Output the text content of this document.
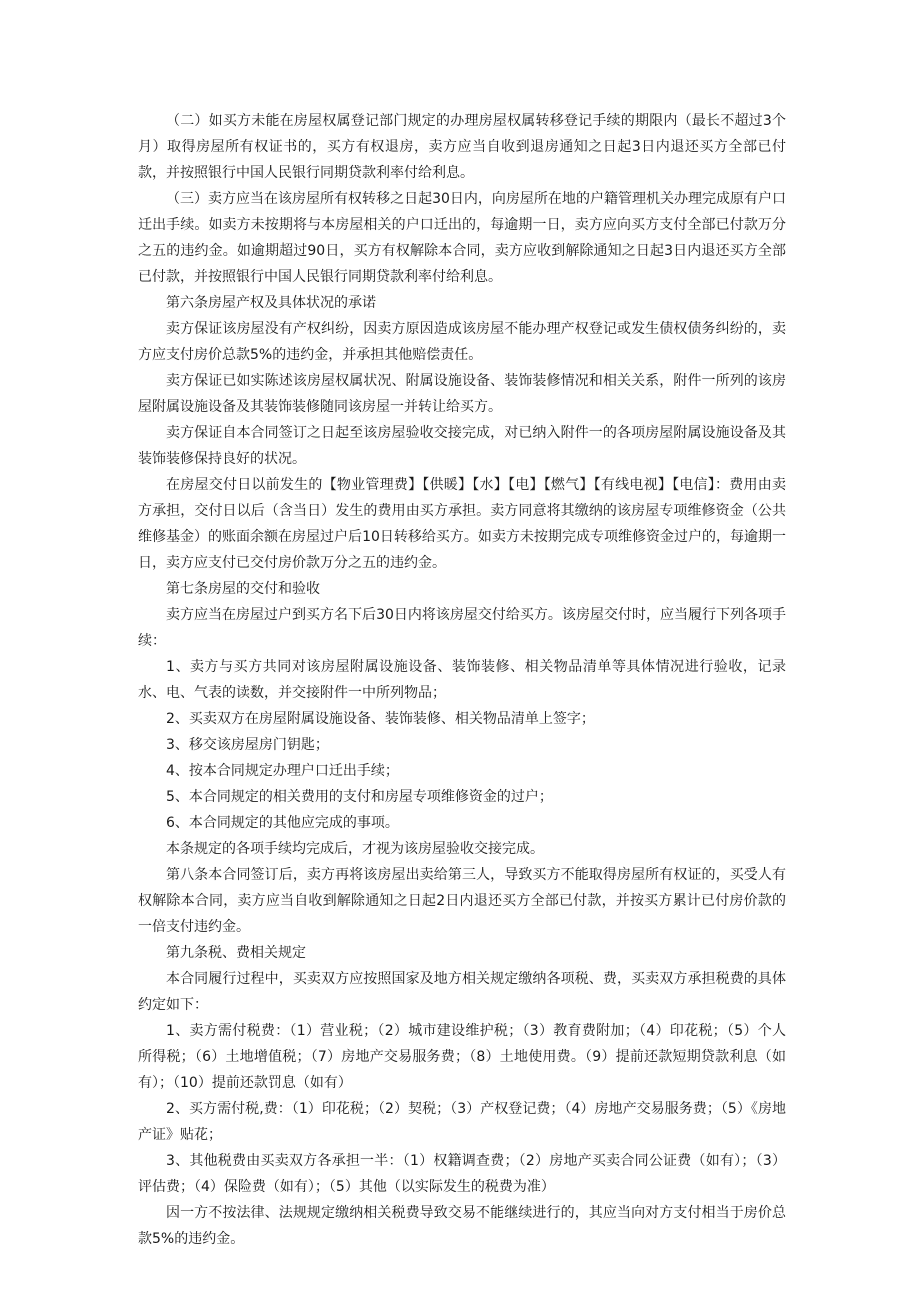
（二）如买方未能在房屋权属登记部门规定的办理房屋权属转移登记手续的期限内（最长不超过3个月）取得房屋所有权证书的，买方有权退房，卖方应当自收到退房通知之日起3日内退还买方全部已付款，并按照银行中国人民银行同期贷款利率付给利息。

（三）卖方应当在该房屋所有权转移之日起30日内，向房屋所在地的户籍管理机关办理完成原有户口迁出手续。如卖方未按期将与本房屋相关的户口迁出的，每逾期一日，卖方应向买方支付全部已付款万分之五的违约金。如逾期超过90日，买方有权解除本合同，卖方应收到解除通知之日起3日内退还买方全部已付款，并按照银行中国人民银行同期贷款利率付给利息。

第六条房屋产权及具体状况的承诺

卖方保证该房屋没有产权纠纷，因卖方原因造成该房屋不能办理产权登记或发生债权债务纠纷的，卖方应支付房价总款5%的违约金，并承担其他赔偿责任。

卖方保证已如实陈述该房屋权属状况、附属设施设备、装饰装修情况和相关关系，附件一所列的该房屋附属设施设备及其装饰装修随同该房屋一并转让给买方。

卖方保证自本合同签订之日起至该房屋验收交接完成，对已纳入附件一的各项房屋附属设施设备及其装饰装修保持良好的状况。

在房屋交付日以前发生的【物业管理费】【供暖】【水】【电】【燃气】【有线电视】【电信】：费用由卖方承担，交付日以后（含当日）发生的费用由买方承担。卖方同意将其缴纳的该房屋专项维修资金（公共维修基金）的账面余额在房屋过户后10日转移给买方。如卖方未按期完成专项维修资金过户的，每逾期一日，卖方应支付已交付房价款万分之五的违约金。

第七条房屋的交付和验收

卖方应当在房屋过户到买方名下后30日内将该房屋交付给买方。该房屋交付时，应当履行下列各项手续：

1、卖方与买方共同对该房屋附属设施设备、装饰装修、相关物品清单等具体情况进行验收，记录水、电、气表的读数，并交接附件一中所列物品；

2、买卖双方在房屋附属设施设备、装饰装修、相关物品清单上签字；

3、移交该房屋房门钥匙；

4、按本合同规定办理户口迁出手续；

5、本合同规定的相关费用的支付和房屋专项维修资金的过户；

6、本合同规定的其他应完成的事项。

本条规定的各项手续均完成后，才视为该房屋验收交接完成。

第八条本合同签订后，卖方再将该房屋出卖给第三人，导致买方不能取得房屋所有权证的，买受人有权解除本合同，卖方应当自收到解除通知之日起2日内退还买方全部已付款，并按买方累计已付房价款的一倍支付违约金。

第九条税、费相关规定

本合同履行过程中，买卖双方应按照国家及地方相关规定缴纳各项税、费，买卖双方承担税费的具体约定如下：

1、卖方需付税费：（1）营业税；（2）城市建设维护税；（3）教育费附加；（4）印花税；（5）个人所得税；（6）土地增值税；（7）房地产交易服务费；（8）土地使用费。（9）提前还款短期贷款利息（如有）；（10）提前还款罚息（如有）

2、买方需付税,费：（1）印花税；（2）契税；（3）产权登记费；（4）房地产交易服务费；（5）《房地产证》贴花；

3、其他税费由买卖双方各承担一半：（1）权籍调查费；（2）房地产买卖合同公证费（如有）；（3）评估费；（4）保险费（如有）；（5）其他（以实际发生的税费为准）

因一方不按法律、法规规定缴纳相关税费导致交易不能继续进行的，其应当向对方支付相当于房价总款5%的违约金。
